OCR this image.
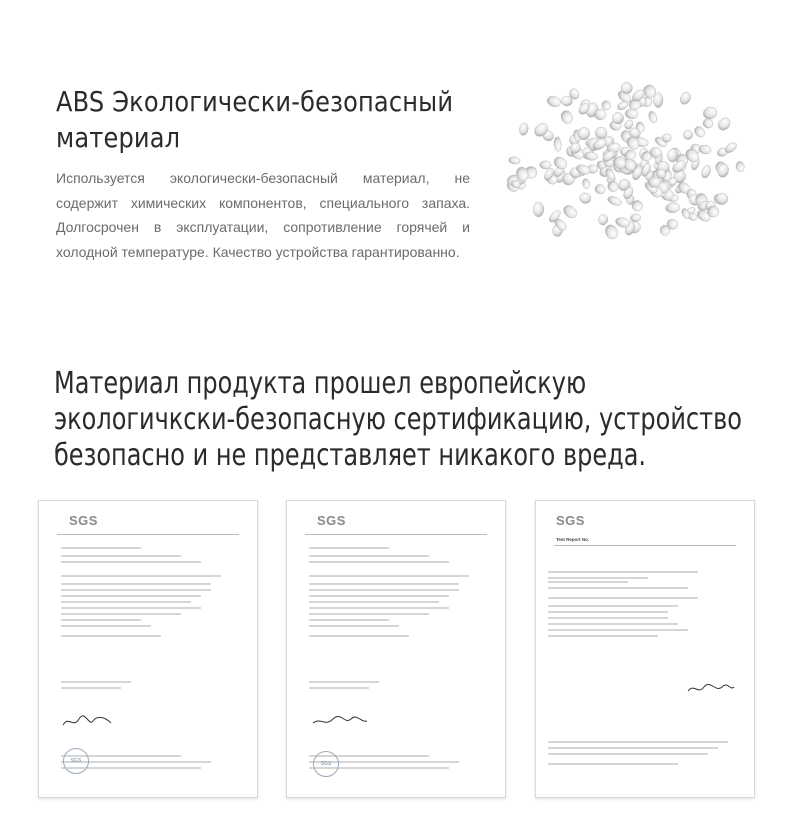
ABS Экологически-безопасный
материал
Используется экологически-безопасный материал, не содержит химических компонентов, специального запаха. Долгосрочен в эксплуатации, сопротивление горячей и холодной температуре. Качество устройства гарантированно.
Материал продукта прошел европейскую
экологичкски-безопасную сертификацию, устройство
безопасно и не представляет никакого вреда.
SGS
SGS
SGS
SGS
SGS
Test Report No.
